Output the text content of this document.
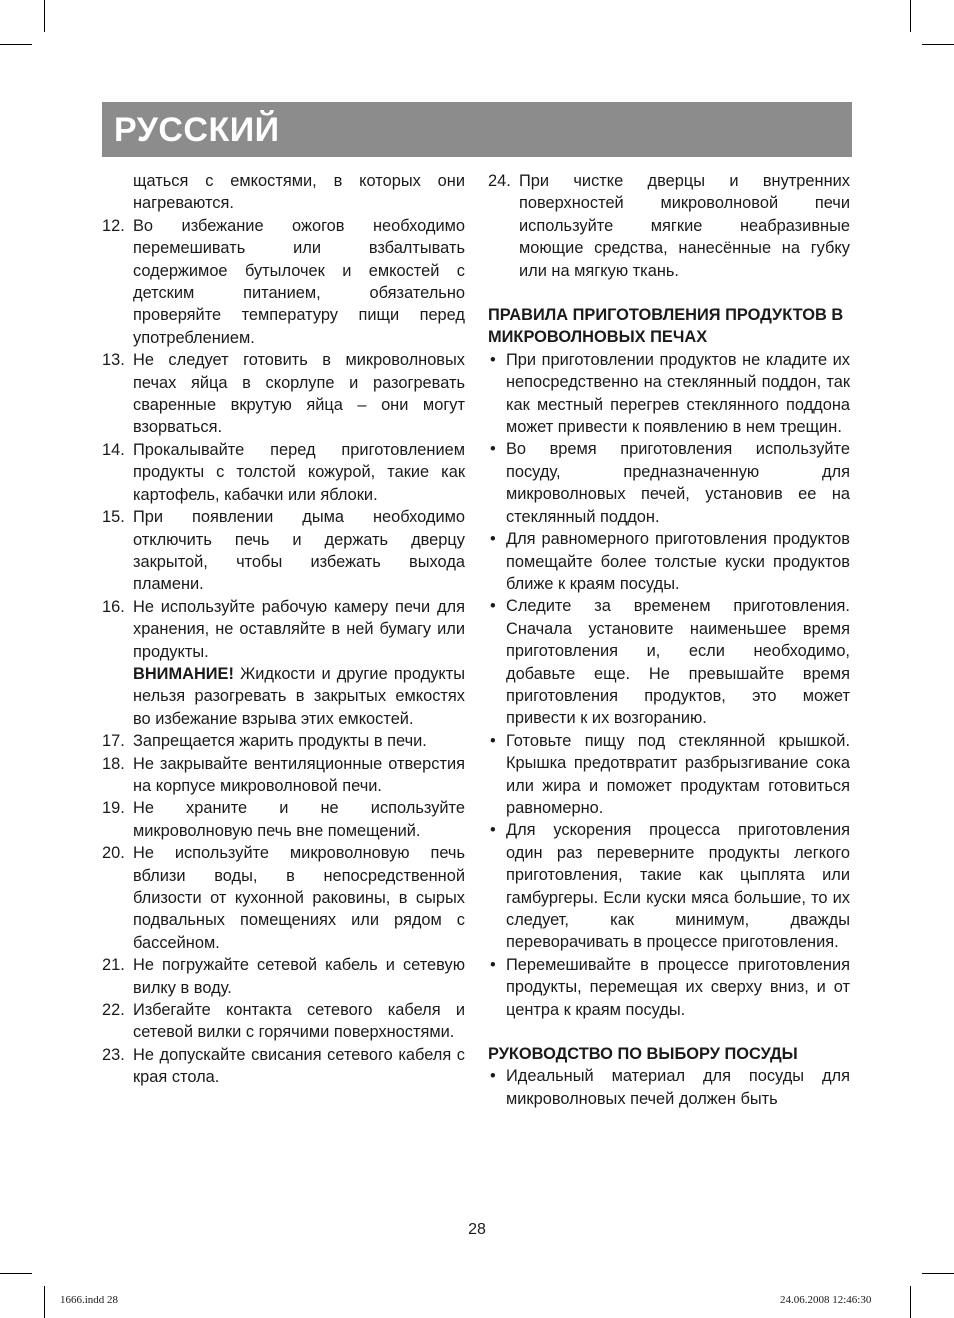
РУССКИЙ

щаться с емкостями, в которых они нагреваются.

12. Во избежание ожогов необходимо перемешивать или взбалтывать содержимое бутылочек и емкостей с детским питанием, обязательно проверяйте температуру пищи перед употреблением.
13. Не следует готовить в микроволновых печах яйца в скорлупе и разогревать сваренные вкрутую яйца – они могут взорваться.
14. Прокалывайте перед приготовлением продукты с толстой кожурой, такие как картофель, кабачки или яблоки.
15. При появлении дыма необходимо отключить печь и держать дверцу закрытой, чтобы избежать выхода пламени.
16. Не используйте рабочую камеру печи для хранения, не оставляйте в ней бумагу или продукты.
ВНИМАНИЕ! Жидкости и другие продукты нельзя разогревать в закрытых емкостях во избежание взрыва этих емкостей.
17. Запрещается жарить продукты в печи.
18. Не закрывайте вентиляционные отверстия на корпусе микроволновой печи.
19. Не храните и не используйте микроволновую печь вне помещений.
20. Не используйте микроволновую печь вблизи воды, в непосредственной близости от кухонной раковины, в сырых подвальных помещениях или рядом с бассейном.
21. Не погружайте сетевой кабель и сетевую вилку в воду.
22. Избегайте контакта сетевого кабеля и сетевой вилки с горячими поверхностями.
23. Не допускайте свисания сетевого кабеля с края стола.
24. При чистке дверцы и внутренних поверхностей микроволновой печи используйте мягкие неабразивные моющие средства, нанесённые на губку или на мягкую ткань.

ПРАВИЛА ПРИГОТОВЛЕНИЯ ПРОДУКТОВ В МИКРОВОЛНОВЫХ ПЕЧАХ

• При приготовлении продуктов не кладите их непосредственно на стеклянный поддон, так как местный перегрев стеклянного поддона может привести к появлению в нем трещин.
• Во время приготовления используйте посуду, предназначенную для микроволновых печей, установив ее на стеклянный поддон.
• Для равномерного приготовления продуктов помещайте более толстые куски продуктов ближе к краям посуды.
• Следите за временем приготовления. Сначала установите наименьшее время приготовления и, если необходимо, добавьте еще. Не превышайте время приготовления продуктов, это может привести к их возгоранию.
• Готовьте пищу под стеклянной крышкой. Крышка предотвратит разбрызгивание сока или жира и поможет продуктам готовиться равномерно.
• Для ускорения процесса приготовления один раз переверните продукты легкого приготовления, такие как цыплята или гамбургеры. Если куски мяса большие, то их следует, как минимум, дважды переворачивать в процессе приготовления.
• Перемешивайте в процессе приготовления продукты, перемещая их сверху вниз, и от центра к краям посуды.

РУКОВОДСТВО ПО ВЫБОРУ ПОСУДЫ

• Идеальный материал для посуды для микроволновых печей должен быть
28
1666.indd 28	24.06.2008 12:46:30
